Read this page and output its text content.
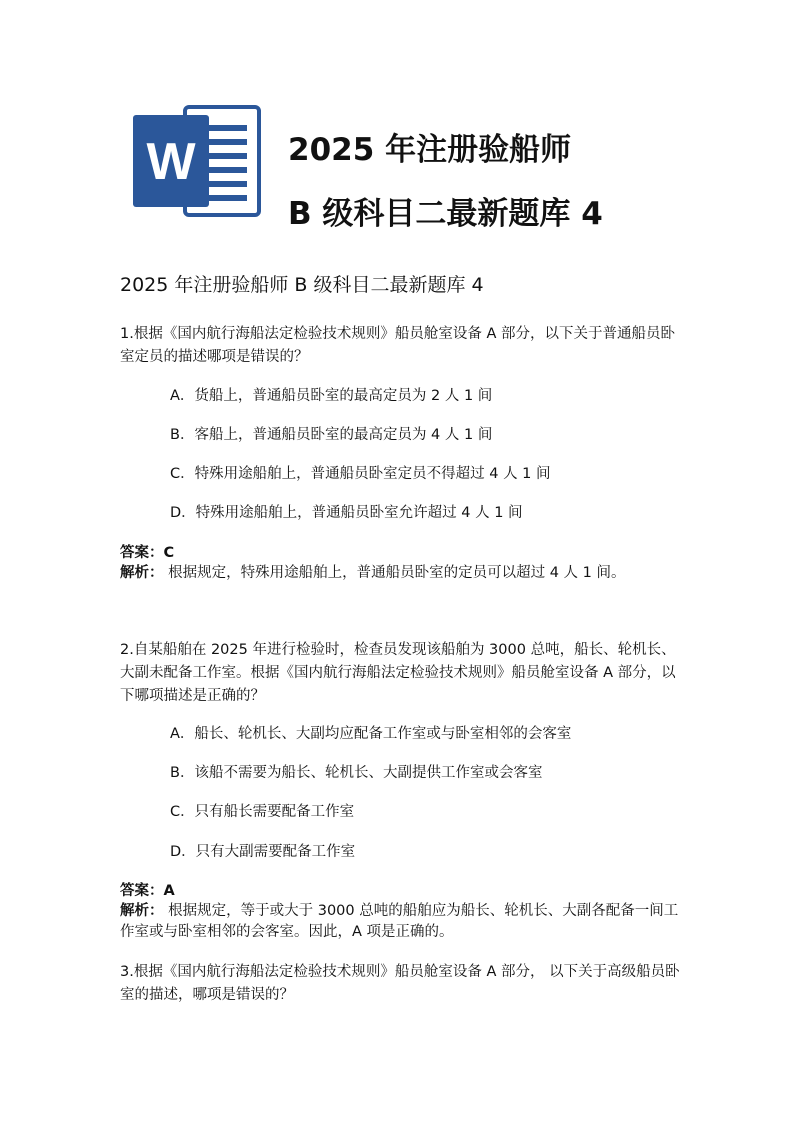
W	2025 年注册验船师
B 级科目二最新题库 4
2025 年注册验船师 B 级科目二最新题库 4
1.根据《国内航行海船法定检验技术规则》船员舱室设备 A 部分，以下关于普通船员卧室定员的描述哪项是错误的？
A．货船上，普通船员卧室的最高定员为 2 人 1 间
B．客船上，普通船员卧室的最高定员为 4 人 1 间
C．特殊用途船舶上，普通船员卧室定员不得超过 4 人 1 间
D．特殊用途船舶上，普通船员卧室允许超过 4 人 1 间
答案：C
解析： 根据规定，特殊用途船舶上，普通船员卧室的定员可以超过 4 人 1 间。
2.自某船舶在 2025 年进行检验时，检查员发现该船舶为 3000 总吨，船长、轮机长、大副未配备工作室。根据《国内航行海船法定检验技术规则》船员舱室设备 A 部分，以下哪项描述是正确的？
A．船长、轮机长、大副均应配备工作室或与卧室相邻的会客室
B．该船不需要为船长、轮机长、大副提供工作室或会客室
C．只有船长需要配备工作室
D．只有大副需要配备工作室
答案：A
解析： 根据规定，等于或大于 3000 总吨的船舶应为船长、轮机长、大副各配备一间工作室或与卧室相邻的会客室。因此，A 项是正确的。
3.根据《国内航行海船法定检验技术规则》船员舱室设备 A 部分， 以下关于高级船员卧室的描述，哪项是错误的？
